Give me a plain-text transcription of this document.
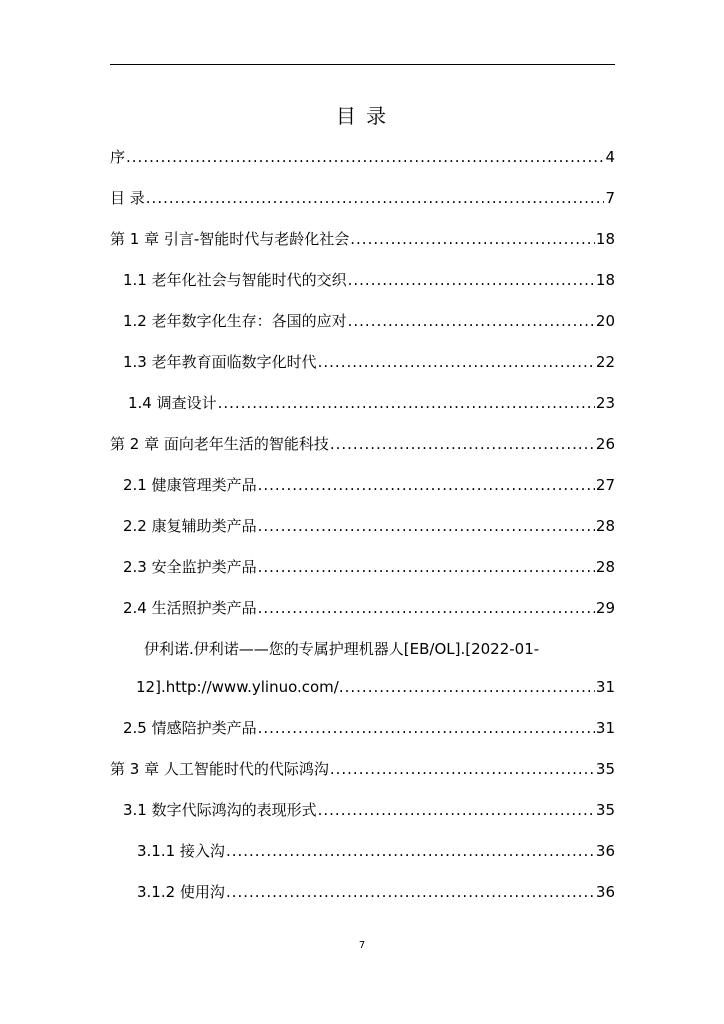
目 录
序 .....	4
目 录 .....	7
第 1 章 引言-智能时代与老龄化社会 .....	18
1.1 老年化社会与智能时代的交织 .....	18
1.2 老年数字化生存：各国的应对 .....	20
1.3 老年教育面临数字化时代 .....	22
1.4 调查设计 .....	23
第 2 章 面向老年生活的智能科技 .....	26
2.1 健康管理类产品 .....	27
2.2 康复辅助类产品 .....	28
2.3 安全监护类产品 .....	28
2.4 生活照护类产品 .....	29
伊利诺.伊利诺——您的专属护理机器人[EB/OL].[2022-01-
12].http://www.ylinuo.com/. .....	31
2.5 情感陪护类产品 .....	31
第 3 章 人工智能时代的代际鸿沟 .....	35
3.1 数字代际鸿沟的表现形式 .....	35
3.1.1 接入沟 .....	36
3.1.2 使用沟 .....	36
7
